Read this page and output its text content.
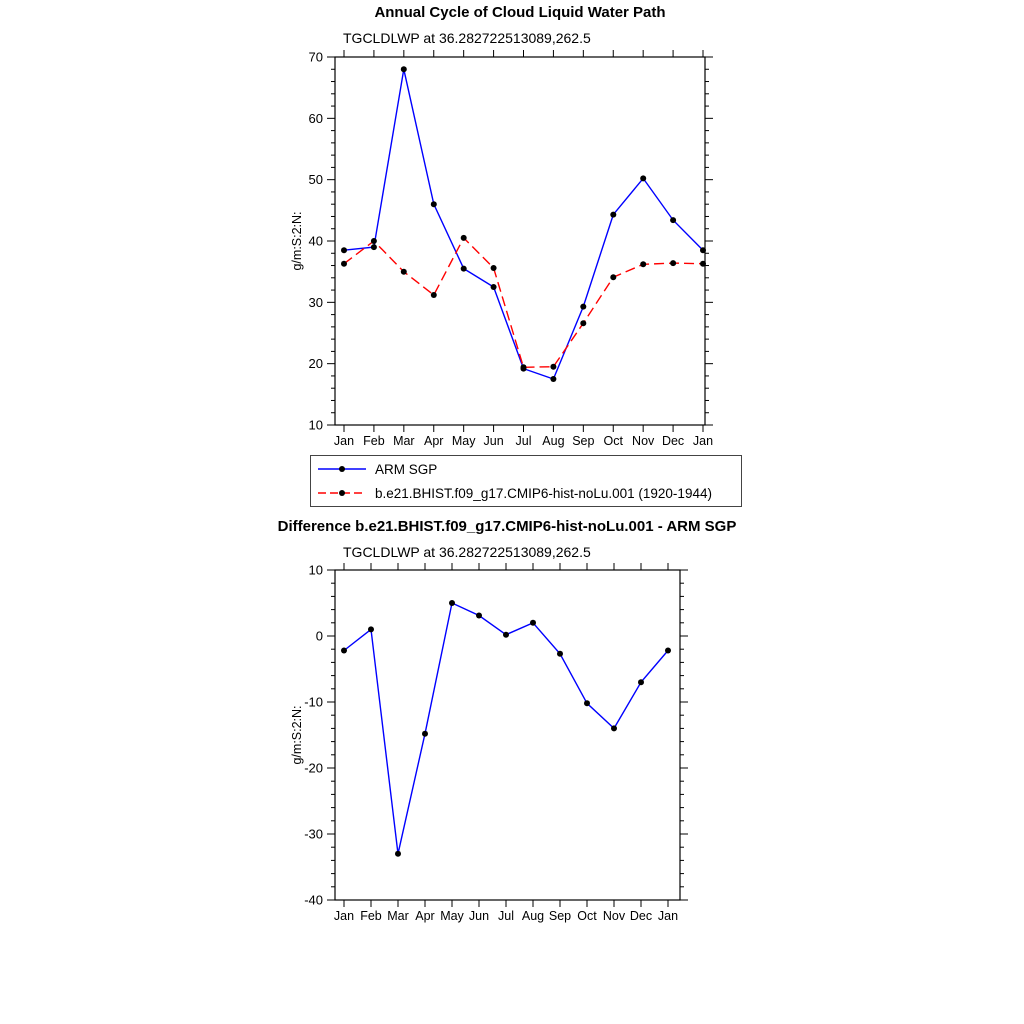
Annual Cycle of Cloud Liquid Water Path
TGCLDLWP at 36.282722513089,262.5
g/m:S:2:N:
10
20
30
40
50
60
70
Jan Feb Mar Apr May Jun Jul Aug Sep Oct Nov Dec Jan
ARM SGP
b.e21.BHIST.f09_g17.CMIP6-hist-noLu.001 (1920-1944)
Difference b.e21.BHIST.f09_g17.CMIP6-hist-noLu.001 - ARM SGP
TGCLDLWP at 36.282722513089,262.5
g/m:S:2:N:
-40
-30
-20
-10
0
10
Jan Feb Mar Apr May Jun Jul Aug Sep Oct Nov Dec Jan
